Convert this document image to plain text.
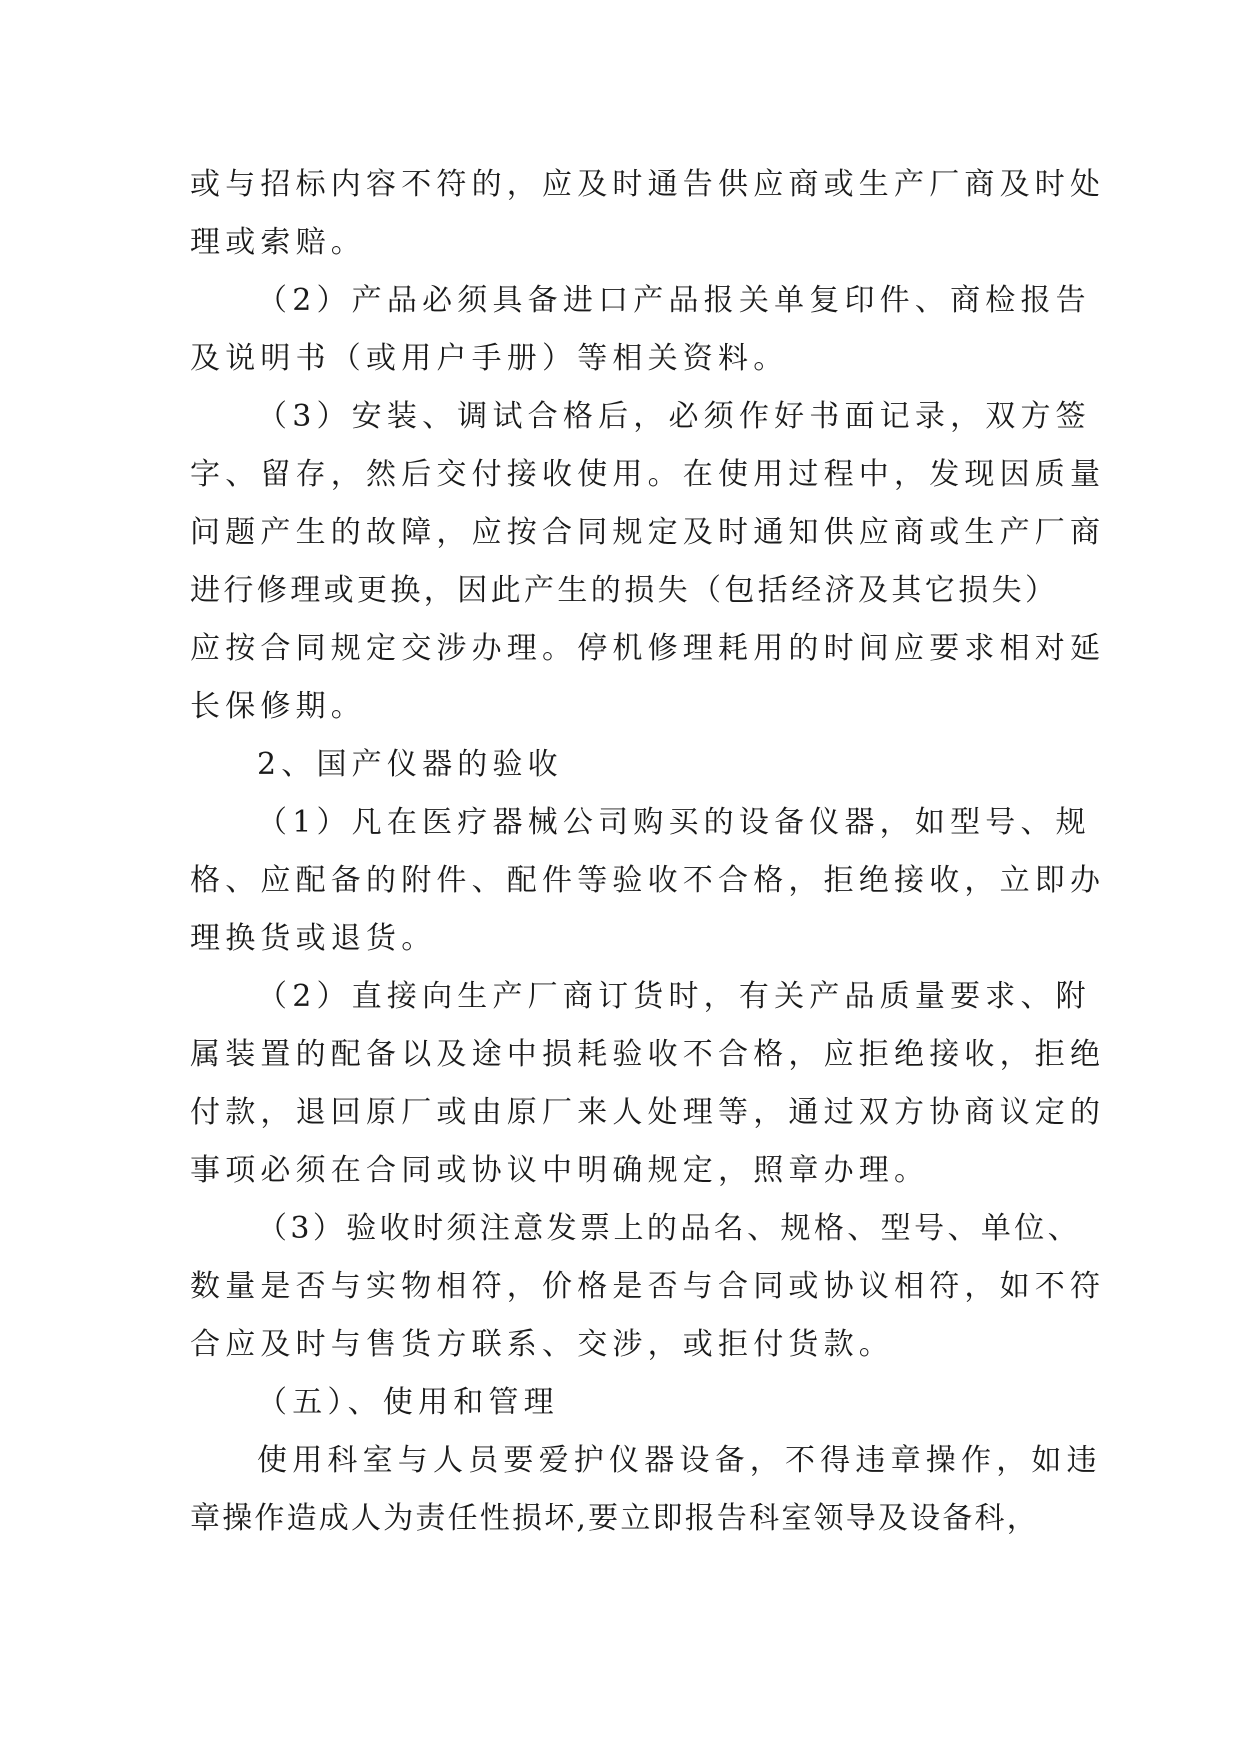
或与招标内容不符的，应及时通告供应商或生产厂商及时处

理或索赔。

（2）产品必须具备进口产品报关单复印件、商检报告

及说明书（或用户手册）等相关资料。

（3）安装、调试合格后，必须作好书面记录，双方签

字、留存，然后交付接收使用。在使用过程中，发现因质量

问题产生的故障，应按合同规定及时通知供应商或生产厂商

进行修理或更换，因此产生的损失（包括经济及其它损失）

应按合同规定交涉办理。停机修理耗用的时间应要求相对延

长保修期。

2、国产仪器的验收

（1）凡在医疗器械公司购买的设备仪器，如型号、规

格、应配备的附件、配件等验收不合格，拒绝接收，立即办

理换货或退货。

（2）直接向生产厂商订货时，有关产品质量要求、附

属装置的配备以及途中损耗验收不合格，应拒绝接收，拒绝

付款，退回原厂或由原厂来人处理等，通过双方协商议定的

事项必须在合同或协议中明确规定，照章办理。

（3）验收时须注意发票上的品名、规格、型号、单位、

数量是否与实物相符，价格是否与合同或协议相符，如不符

合应及时与售货方联系、交涉，或拒付货款。

（五）、使用和管理

使用科室与人员要爱护仪器设备，不得违章操作，如违

章操作造成人为责任性损坏,要立即报告科室领导及设备科，
